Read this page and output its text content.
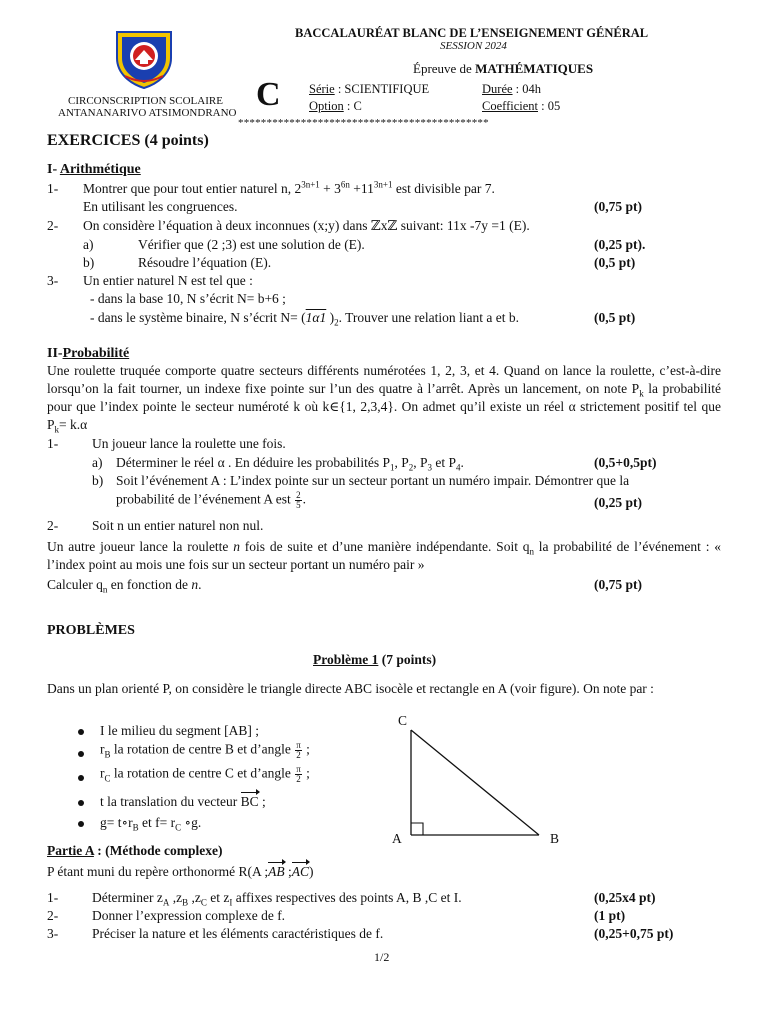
CIRCONSCRIPTION SCOLAIRE
ANTANANARIVO ATSIMONDRANO
BACCALAURÉAT BLANC DE L’ENSEIGNEMENT GÉNÉRAL
SESSION 2024
Épreuve de MATHÉMATIQUES
C Série : SCIENTIFIQUE
Option : C
Durée : 04h
Coefficient : 05
********************************************
EXERCICES (4 points)
I- Arithmétique
1- Montrer que pour tout entier naturel n, $2^{3n+1} + 3^{6n} +11^{3n+1}$ est divisible par 7.
En utilisant les congruences.	(0,75 pt)
2- On considère l’équation à deux inconnues (x;y) dans ℤxℤ suivant: 11x -7y =1 (E).
a)	Vérifier que (2 ;3) est une solution de (E).	(0,25 pt).
b)	Résoudre l’équation (E).	(0,5 pt)
3- Un entier naturel N est tel que :
- dans la base 10, N s’écrit N= b+6 ;
- dans le système binaire, N s’écrit N= (1α1 )$_2$. Trouver une relation liant a et b.	(0,5 pt)
II-Probabilité
Une roulette truquée comporte quatre secteurs différents numérotées 1, 2, 3, et 4. Quand on lance la roulette, c’est-à-dire lorsqu’on la fait tourner, un indexe fixe pointe sur l’un des quatre à l’arrêt. Après un lancement, on note $P_k$ la probabilité pour que l’index pointe le secteur numéroté k où k∈{1, 2,3,4}. On admet qu’il existe un réel α strictement positif tel que $P_k= k.\alpha$
1-	Un joueur lance la roulette une fois.
a) Déterminer le réel α . En déduire les probabilités $P_1$, $P_2$, $P_3$ et $P_4$.	(0,5+0,5pt)
b) Soit l’événement A : L’index pointe sur un secteur portant un numéro impair. Démontrer que la
probabilité de l’événement A est $\frac{2}{5}$ .	(0,25 pt)
2-	Soit n un entier naturel non nul.
Un autre joueur lance la roulette n fois de suite et d’une manière indépendante. Soit $q_n$ la probabilité de l’événement : « l’index point au mois une fois sur un secteur portant un numéro pair »
Calculer $q_n$ en fonction de n.	(0,75 pt)
PROBLÈMES
Problème 1 (7 points)
Dans un plan orienté P, on considère le triangle directe ABC isocèle et rectangle en A (voir figure). On note par :
I le milieu du segment [AB] ;
$r_B$ la rotation de centre B et d’angle $\frac{\pi}{2}$ ;
$r_C$ la rotation de centre C et d’angle $\frac{\pi}{2}$ ;
t la translation du vecteur BC ;
$g= t\circ r_B$ et $f= r_C$ ∘g.
C
A	B
Partie A : (Méthode complexe)
P étant muni du repère orthonormé R(A ;AB ;AC)
1-	Déterminer $z_A$ $,z_B$ $,z_C$ et $z_I$ affixes respectives des points A, B ,C et I.	(0,25x4 pt)
2-	Donner l’expression complexe de f.	(1 pt)
3-	Préciser la nature et les éléments caractéristiques de f.	(0,25+0,75 pt)
1/2
